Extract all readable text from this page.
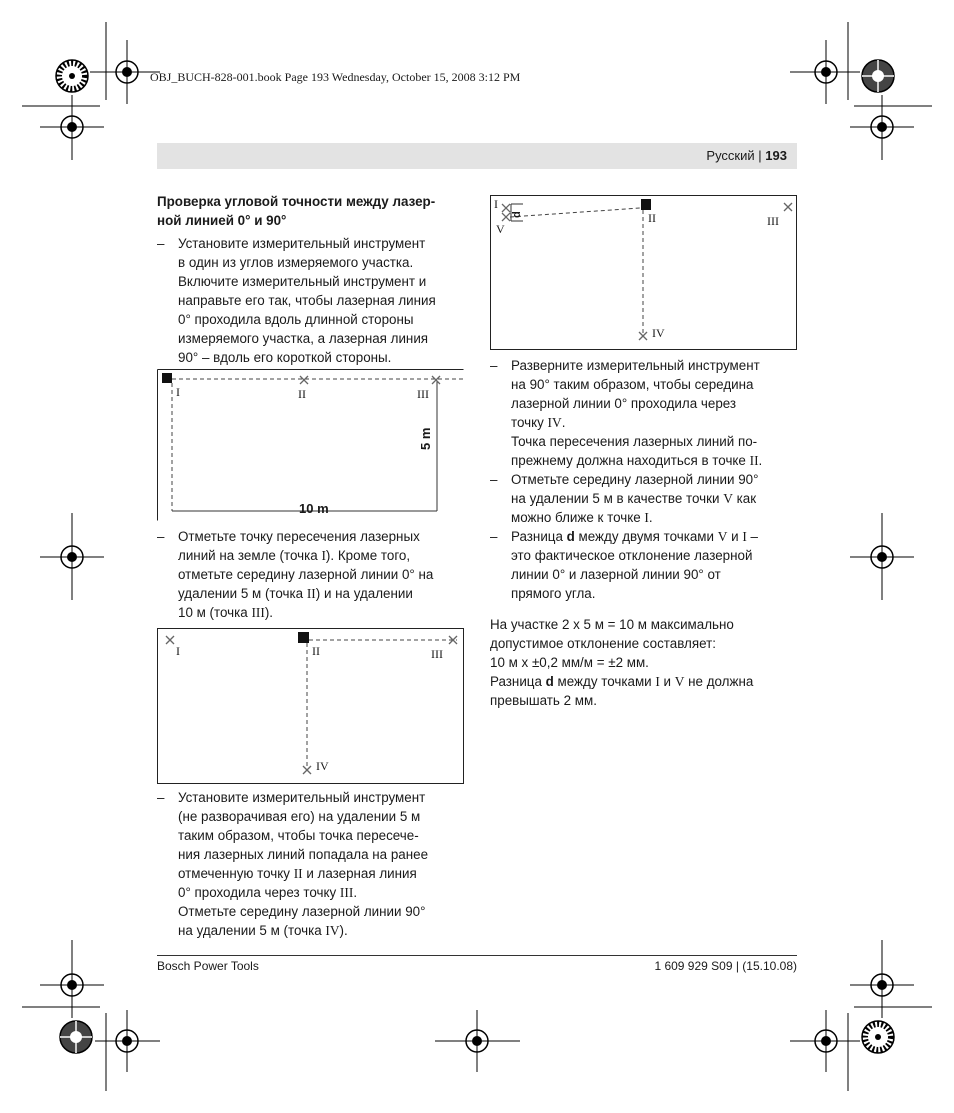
OBJ_BUCH-828-001.book Page 193 Wednesday, October 15, 2008 3:12 PM
Русский | 193
Проверка угловой точности между лазер-
ной линией 0° и 90°
– Установите измерительный инструмент
в один из углов измеряемого участка.
Включите измерительный инструмент и
направьте его так, чтобы лазерная линия
0° проходила вдоль длинной стороны
измеряемого участка, а лазерная линия
90° – вдоль его короткой стороны.
I	II	III
5 m
10 m
– Отметьте точку пересечения лазерных
линий на земле (точка I). Кроме того,
отметьте середину лазерной линии 0° на
удалении 5 м (точка II) и на удалении
10 м (точка III).
I	II	III
IV
– Установите измерительный инструмент
(не разворачивая его) на удалении 5 м
таким образом, чтобы точка пересече-
ния лазерных линий попадала на ранее
отмеченную точку II и лазерная линия
0° проходила через точку III.
Отметьте середину лазерной линии 90°
на удалении 5 м (точка IV).
I
V
d	II	III
IV
– Разверните измерительный инструмент
на 90° таким образом, чтобы середина
лазерной линии 0° проходила через
точку IV.
Точка пересечения лазерных линий по-
прежнему должна находиться в точке II.
– Отметьте середину лазерной линии 90°
на удалении 5 м в качестве точки V как
можно ближе к точке I.
– Разница d между двумя точками V и I –
это фактическое отклонение лазерной
линии 0° и лазерной линии 90° от
прямого угла.
На участке 2 x 5 м = 10 м максимально
допустимое отклонение составляет:
10 м x ±0,2 мм/м = ±2 мм.
Разница d между точками I и V не должна
превышать 2 мм.
Bosch Power Tools	1 609 929 S09 | (15.10.08)
